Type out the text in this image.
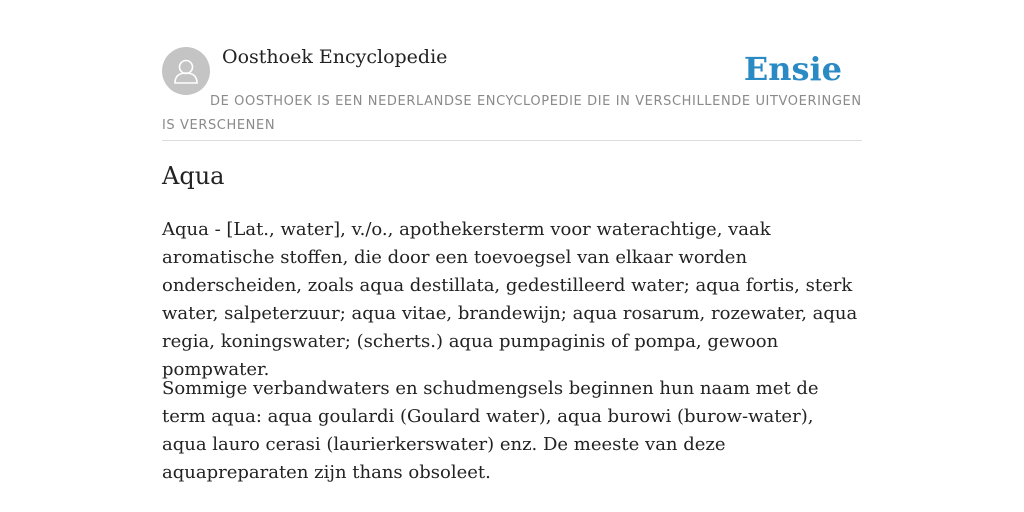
Oosthoek Encyclopedie	Ensie
DE OOSTHOEK IS EEN NEDERLANDSE ENCYCLOPEDIE DIE IN VERSCHILLENDE UITVOERINGEN IS VERSCHENEN
Aqua

Aqua - [Lat., water], v./o., apothekersterm voor waterachtige, vaak aromatische stoffen, die door een toevoegsel van elkaar worden onderscheiden, zoals aqua destillata, gedestilleerd water; aqua fortis, sterk water, salpeterzuur; aqua vitae, brandewijn; aqua rosarum, rozewater, aqua regia, koningswater; (scherts.) aqua pumpaginis of pompa, gewoon pompwater.

Sommige verbandwaters en schudmengsels beginnen hun naam met de term aqua: aqua goulardi (Goulard water), aqua burowi (burow-water), aqua lauro cerasi (laurierkerswater) enz. De meeste van deze aquapreparaten zijn thans obsoleet.
